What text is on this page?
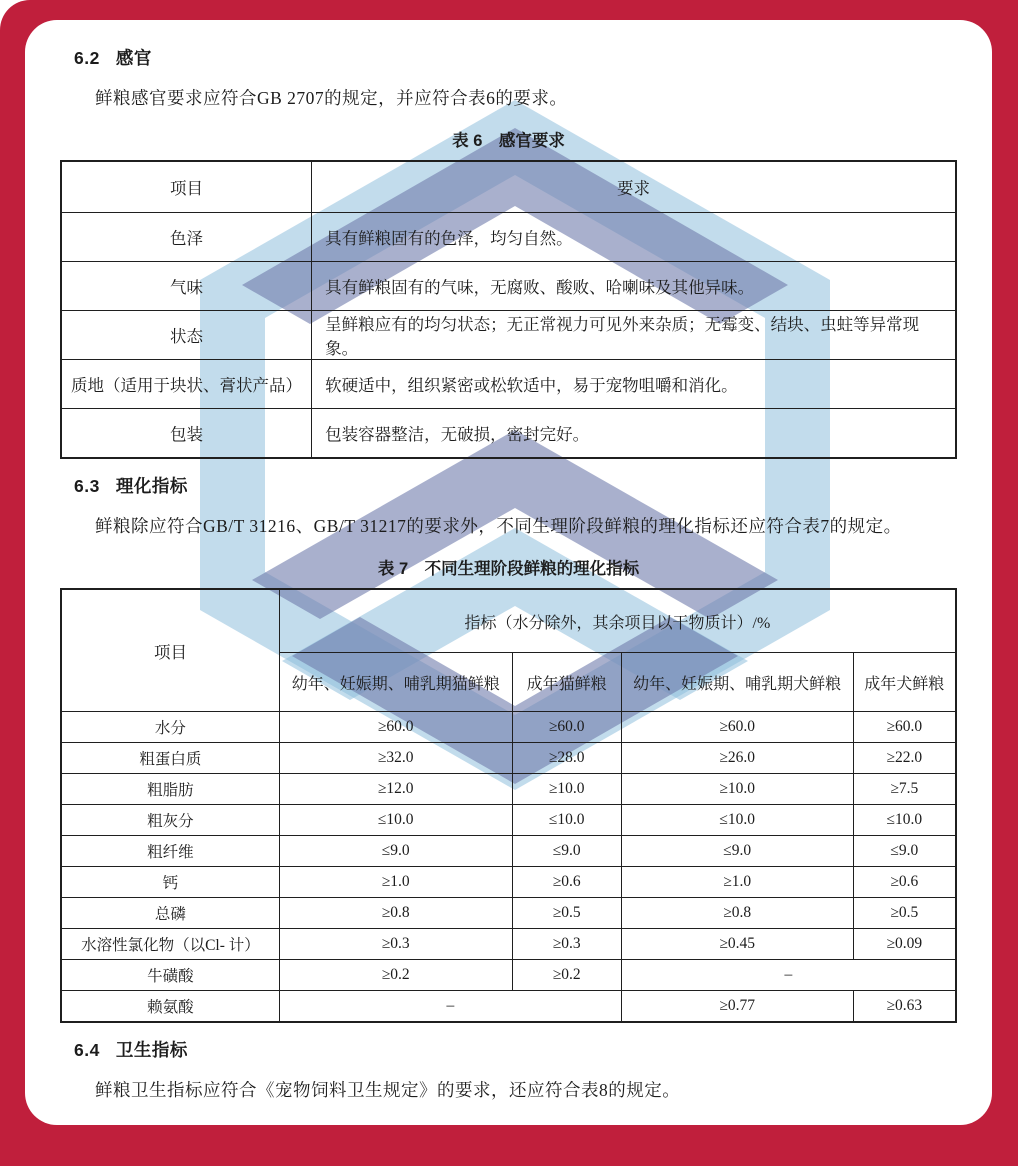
6.2 感官

鲜粮感官要求应符合GB 2707的规定，并应符合表6的要求。

表 6　感官要求
项目	要求
色泽	具有鲜粮固有的色泽，均匀自然。
气味	具有鲜粮固有的气味，无腐败、酸败、哈喇味及其他异味。
状态	呈鲜粮应有的均匀状态；无正常视力可见外来杂质；无霉变、结块、虫蛀等异常现象。
质地（适用于块状、膏状产品）	软硬适中，组织紧密或松软适中，易于宠物咀嚼和消化。
包装	包装容器整洁，无破损，密封完好。
6.3 理化指标

鲜粮除应符合GB/T 31216、GB/T 31217的要求外，不同生理阶段鲜粮的理化指标还应符合表7的规定。

表 7　不同生理阶段鲜粮的理化指标
项目	指标（水分除外，其余项目以干物质计）/%			
	幼年、妊娠期、哺乳期猫鲜粮	成年猫鲜粮	幼年、妊娠期、哺乳期犬鲜粮	成年犬鲜粮
水分	≥60.0	≥60.0	≥60.0	≥60.0
粗蛋白质	≥32.0	≥28.0	≥26.0	≥22.0
粗脂肪	≥12.0	≥10.0	≥10.0	≥7.5
粗灰分	≤10.0	≤10.0	≤10.0	≤10.0
粗纤维	≤9.0	≤9.0	≤9.0	≤9.0
钙	≥1.0	≥0.6	≥1.0	≥0.6
总磷	≥0.8	≥0.5	≥0.8	≥0.5
水溶性氯化物（以Cl- 计）	≥0.3	≥0.3	≥0.45	≥0.09
牛磺酸	≥0.2	≥0.2	–	
赖氨酸	–		≥0.77	≥0.63
6.4 卫生指标

鲜粮卫生指标应符合《宠物饲料卫生规定》的要求，还应符合表8的规定。
